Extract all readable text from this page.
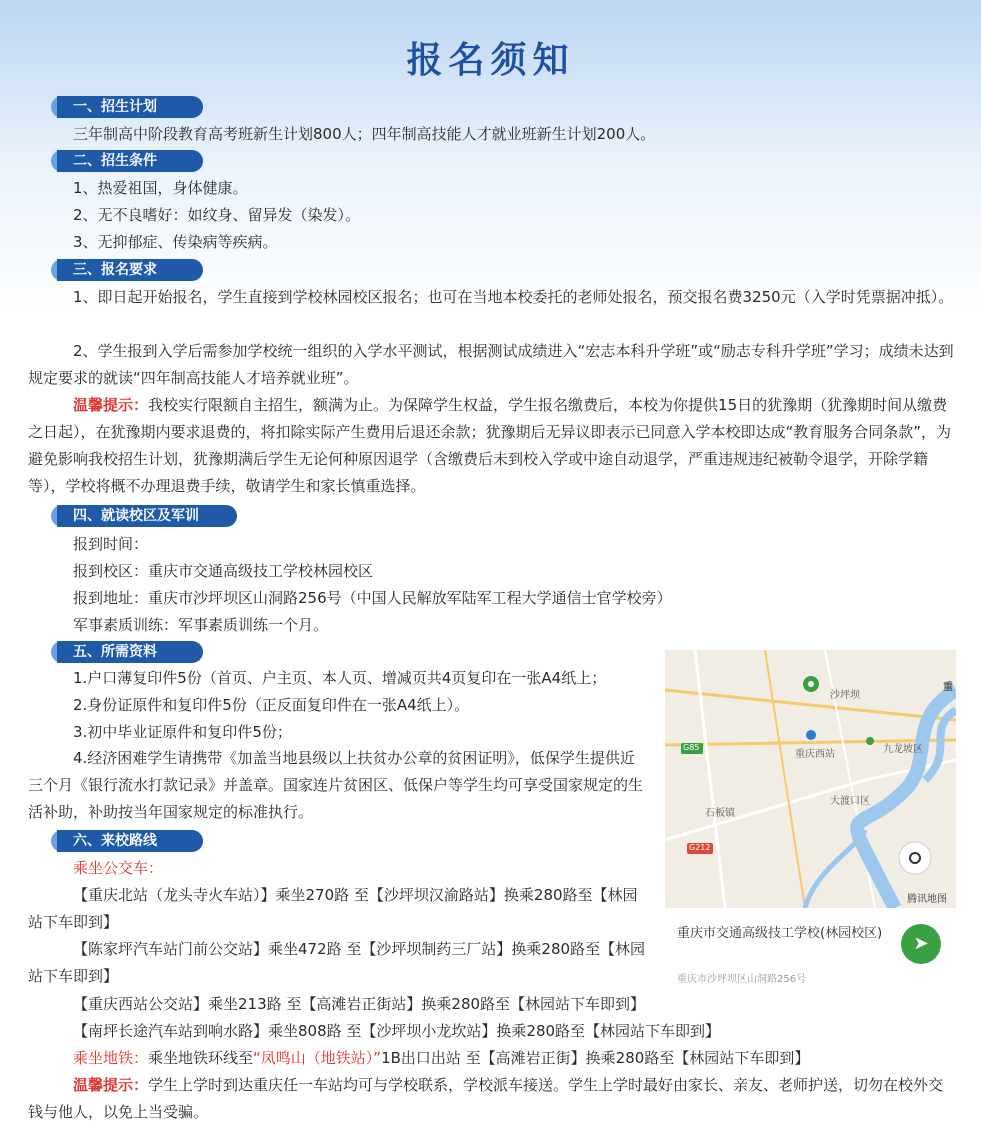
报名须知
一、招生计划
三年制高中阶段教育高考班新生计划800人；四年制高技能人才就业班新生计划200人。
二、招生条件
1、热爱祖国，身体健康。
2、无不良嗜好：如纹身、留异发（染发）。
3、无抑郁症、传染病等疾病。
三、报名要求
1、即日起开始报名，学生直接到学校林园校区报名；也可在当地本校委托的老师处报名，预交报名费3250元（入学时凭票据冲抵）。
2、学生报到入学后需参加学校统一组织的入学水平测试，根据测试成绩进入“宏志本科升学班”或“励志专科升学班”学习；成绩未达到规定要求的就读“四年制高技能人才培养就业班”。
温馨提示：我校实行限额自主招生，额满为止。为保障学生权益，学生报名缴费后，本校为你提供15日的犹豫期（犹豫期时间从缴费之日起），在犹豫期内要求退费的，将扣除实际产生费用后退还余款；犹豫期后无异议即表示已同意入学本校即达成“教育服务合同条款”，为避免影响我校招生计划，犹豫期满后学生无论何种原因退学（含缴费后未到校入学或中途自动退学，严重违规违纪被勒令退学，开除学籍等），学校将概不办理退费手续，敬请学生和家长慎重选择。
四、就读校区及军训
报到时间：
报到校区：重庆市交通高级技工学校林园校区
报到地址：重庆市沙坪坝区山洞路256号（中国人民解放军陆军工程大学通信士官学校旁）
军事素质训练：军事素质训练一个月。
五、所需资料
1.户口薄复印件5份（首页、户主页、本人页、增减页共4页复印在一张A4纸上；
2.身份证原件和复印件5份（正反面复印件在一张A4纸上）。
3.初中毕业证原件和复印件5份；
4.经济困难学生请携带《加盖当地县级以上扶贫办公章的贫困证明》，低保学生提供近三个月《银行流水打款记录》并盖章。国家连片贫困区、低保户等学生均可享受国家规定的生活补助，补助按当年国家规定的标准执行。
六、来校路线
乘坐公交车：
【重庆北站（龙头寺火车站）】乘坐270路 至【沙坪坝汉渝路站】换乘280路至【林园站下车即到】
【陈家坪汽车站门前公交站】乘坐472路 至【沙坪坝制药三厂站】换乘280路至【林园站下车即到】
【重庆西站公交站】乘坐213路 至【高滩岩正街站】换乘280路至【林园站下车即到】
【南坪长途汽车站到响水路】乘坐808路 至【沙坪坝小龙坎站】换乘280路至【林园站下车即到】
乘坐地铁：乘坐地铁环线至“凤鸣山（地铁站）”1B出口出站 至【高滩岩正街】换乘280路至【林园站下车即到】
温馨提示：学生上学时到达重庆任一车站均可与学校联系，学校派车接送。学生上学时最好由家长、亲友、老师护送，切勿在校外交钱与他人，以免上当受骗。
沙坪坝
重庆西站	九龙坡区
大渡口区
石板镇
重
G85
G212
腾讯地图
重庆市交通高级技工学校(林园校区)
重庆市沙坪坝区山洞路256号
➤
